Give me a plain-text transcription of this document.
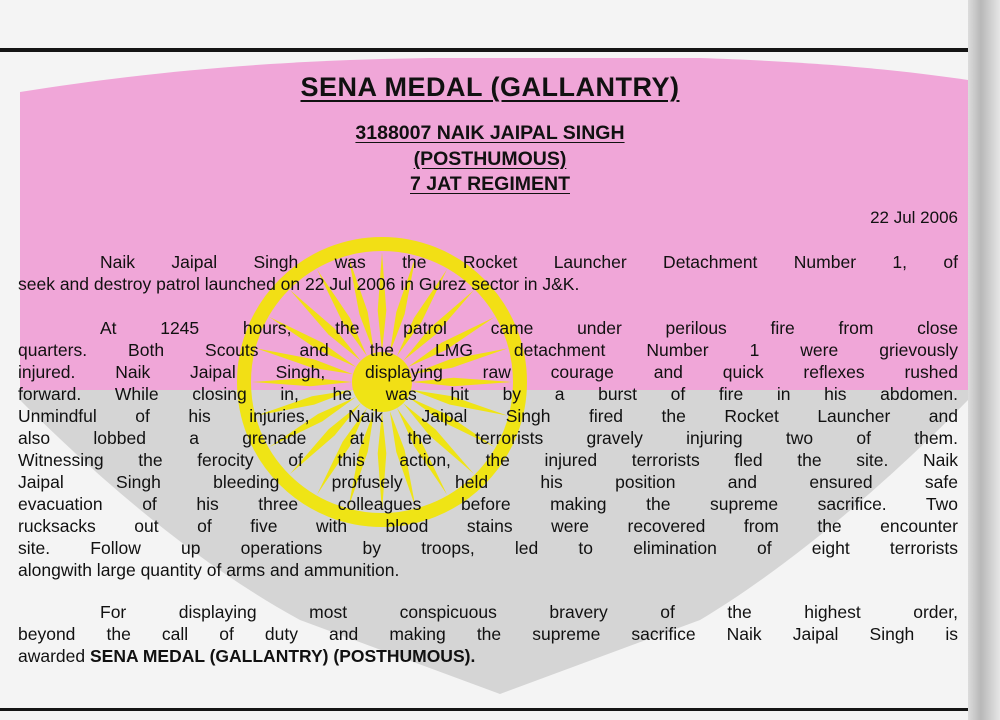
SENA MEDAL (GALLANTRY)
3188007 NAIK JAIPAL SINGH
(POSTHUMOUS)
7 JAT REGIMENT
22 Jul 2006
Naik Jaipal Singh was the Rocket Launcher Detachment Number 1, of
seek and destroy patrol launched on 22 Jul 2006 in Gurez sector in J&K.
At 1245 hours, the patrol came under perilous fire from close
quarters. Both Scouts and the LMG detachment Number 1 were grievously
injured. Naik Jaipal Singh, displaying raw courage and quick reflexes rushed
forward. While closing in, he was hit by a burst of fire in his abdomen.
Unmindful of his injuries, Naik Jaipal Singh fired the Rocket Launcher and
also lobbed a grenade at the terrorists gravely injuring two of them.
Witnessing the ferocity of this action, the injured terrorists fled the site. Naik
Jaipal Singh bleeding profusely held his position and ensured safe
evacuation of his three colleagues before making the supreme sacrifice. Two
rucksacks out of five with blood stains were recovered from the encounter
site. Follow up operations by troops, led to elimination of eight terrorists
alongwith large quantity of arms and ammunition.
For displaying most conspicuous bravery of the highest order,
beyond the call of duty and making the supreme sacrifice Naik Jaipal Singh is
awarded SENA MEDAL (GALLANTRY) (POSTHUMOUS).
